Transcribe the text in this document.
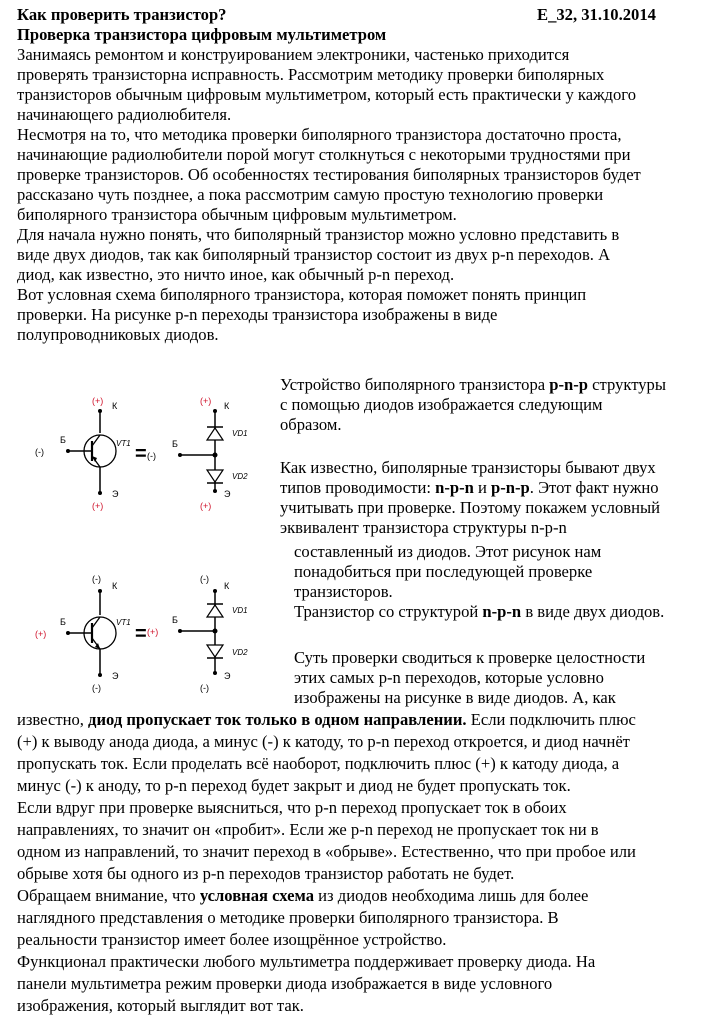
Как проверить транзистор?	E_32, 31.10.2014
Проверка транзистора цифровым мультиметром
Занимаясь ремонтом и конструированием электроники, частенько приходится
проверять транзисторна исправность. Рассмотрим методику проверки биполярных
транзисторов обычным цифровым мультиметром, который есть практически у каждого
начинающего радиолюбителя.
Несмотря на то, что методика проверки биполярного транзистора достаточно проста,
начинающие радиолюбители порой могут столкнуться с некоторыми трудностями при
проверке транзисторов. Об особенностях тестирования биполярных транзисторов будет
рассказано чуть позднее, а пока рассмотрим самую простую технологию проверки
биполярного транзистора обычным цифровым мультиметром.
Для начала нужно понять, что биполярный транзистор можно условно представить в
виде двух диодов, так как биполярный транзистор состоит из двух p-n переходов. А
диод, как известно, это ничто иное, как обычный p-n переход.
Вот условная схема биполярного транзистора, которая поможет понять принцип
проверки. На рисунке p-n переходы транзистора изображены в виде
полупроводниковых диодов.
(+) К
Б
(-)
VT1
Э
(+)
=
(+) К
Б
(-)
VD1
VD2
Э
(+)
(-)
К
Б
(+)
VT1
Э
(-)
=
(-)
К
Б
(+)
VD1
VD2
Э
(-)
Устройство биполярного транзистора p-n-p структуры
с помощью диодов изображается следующим
образом.
Как известно, биполярные транзисторы бывают двух
типов проводимости: n-p-n и p-n-p. Этот факт нужно
учитывать при проверке. Поэтому покажем условный
эквивалент транзистора структуры n-p-n
составленный из диодов. Этот рисунок нам
понадобиться при последующей проверке
транзисторов.
Транзистор со структурой n-p-n в виде двух диодов.
Суть проверки сводиться к проверке целостности
этих самых p-n переходов, которые условно
изображены на рисунке в виде диодов. А, как
известно, диод пропускает ток только в одном направлении. Если подключить плюс
(+) к выводу анода диода, а минус (-) к катоду, то p-n переход откроется, и диод начнёт
пропускать ток. Если проделать всё наоборот, подключить плюс (+) к катоду диода, а
минус (-) к аноду, то p-n переход будет закрыт и диод не будет пропускать ток.
Если вдруг при проверке выясниться, что p-n переход пропускает ток в обоих
направлениях, то значит он «пробит». Если же p-n переход не пропускает ток ни в
одном из направлений, то значит переход в «обрыве». Естественно, что при пробое или
обрыве хотя бы одного из p-n переходов транзистор работать не будет.
Обращаем внимание, что условная схема из диодов необходима лишь для более
наглядного представления о методике проверки биполярного транзистора. В
реальности транзистор имеет более изощрённое устройство.
Функционал практически любого мультиметра поддерживает проверку диода. На
панели мультиметра режим проверки диода изображается в виде условного
изображения, который выглядит вот так.
